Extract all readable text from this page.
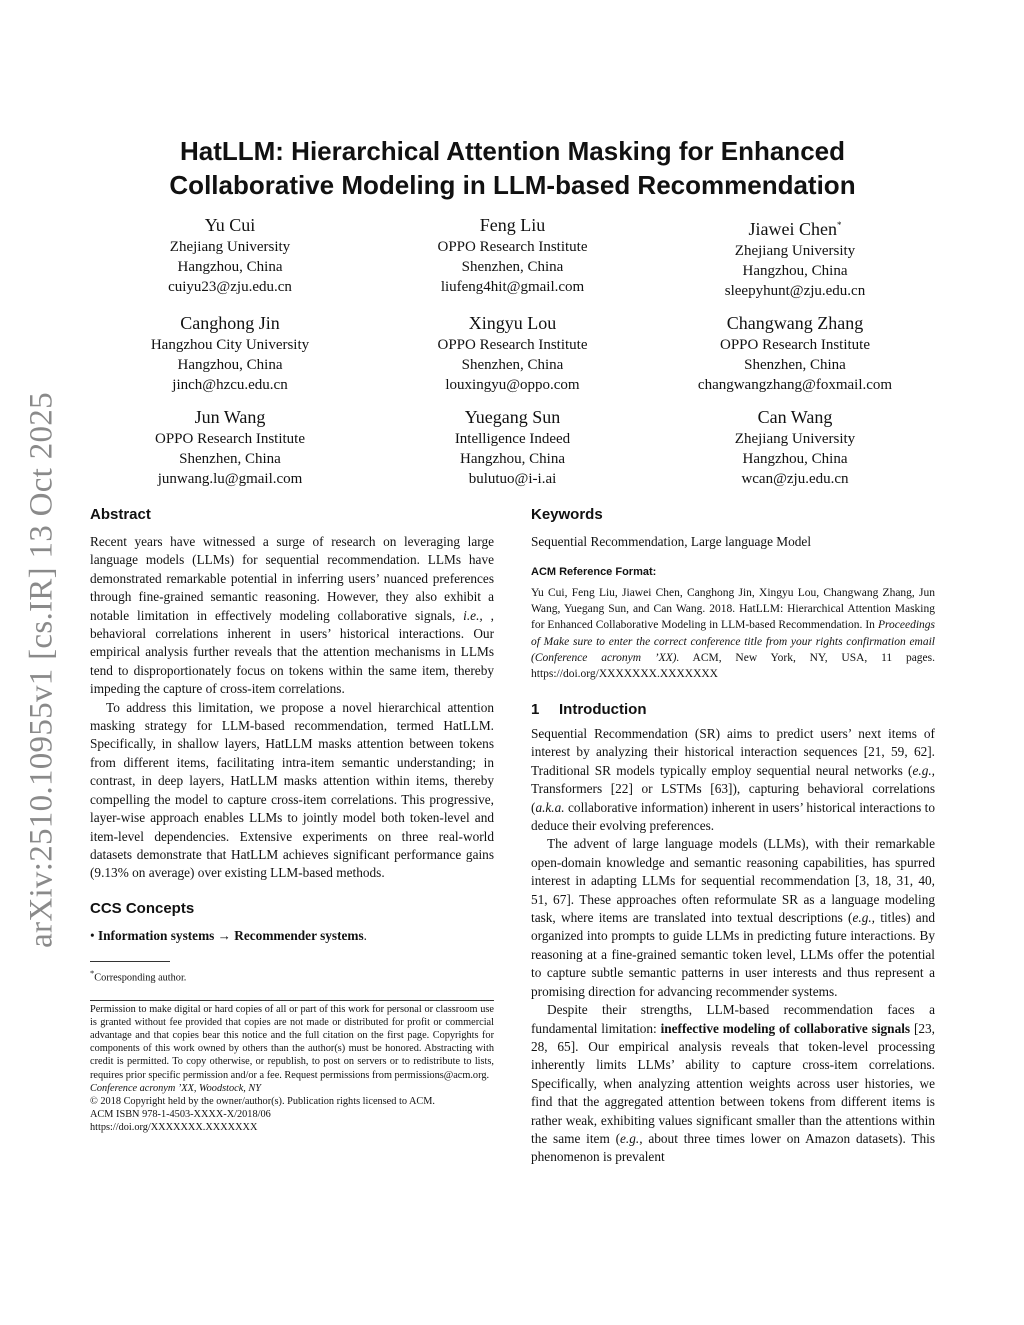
arXiv:2510.10955v1 [cs.IR] 13 Oct 2025
HatLLM: Hierarchical Attention Masking for Enhanced
Collaborative Modeling in LLM-based Recommendation
Yu Cui
Zhejiang University
Hangzhou, China
cuiyu23@zju.edu.cn
Feng Liu
OPPO Research Institute
Shenzhen, China
liufeng4hit@gmail.com
Jiawei Chen*
Zhejiang University
Hangzhou, China
sleepyhunt@zju.edu.cn
Canghong Jin
Hangzhou City University
Hangzhou, China
jinch@hzcu.edu.cn
Xingyu Lou
OPPO Research Institute
Shenzhen, China
louxingyu@oppo.com
Changwang Zhang
OPPO Research Institute
Shenzhen, China
changwangzhang@foxmail.com
Jun Wang
OPPO Research Institute
Shenzhen, China
junwang.lu@gmail.com
Yuegang Sun
Intelligence Indeed
Hangzhou, China
bulutuo@i-i.ai
Can Wang
Zhejiang University
Hangzhou, China
wcan@zju.edu.cn
Abstract

Recent years have witnessed a surge of research on leveraging large language models (LLMs) for sequential recommendation. LLMs have demonstrated remarkable potential in inferring users’ nuanced preferences through fine-grained semantic reasoning. However, they also exhibit a notable limitation in effectively modeling collaborative signals, i.e., , behavioral correlations inherent in users’ historical interactions. Our empirical analysis further reveals that the attention mechanisms in LLMs tend to disproportionately focus on tokens within the same item, thereby impeding the capture of cross-item correlations.

To address this limitation, we propose a novel hierarchical attention masking strategy for LLM-based recommendation, termed HatLLM. Specifically, in shallow layers, HatLLM masks attention between tokens from different items, facilitating intra-item semantic understanding; in contrast, in deep layers, HatLLM masks attention within items, thereby compelling the model to capture cross-item correlations. This progressive, layer-wise approach enables LLMs to jointly model both token-level and item-level dependencies. Extensive experiments on three real-world datasets demonstrate that HatLLM achieves significant performance gains (9.13% on average) over existing LLM-based methods.

CCS Concepts

• Information systems → Recommender systems.

*Corresponding author.
Permission to make digital or hard copies of all or part of this work for personal or classroom use is granted without fee provided that copies are not made or distributed for profit or commercial advantage and that copies bear this notice and the full citation on the first page. Copyrights for components of this work owned by others than the author(s) must be honored. Abstracting with credit is permitted. To copy otherwise, or republish, to post on servers or to redistribute to lists, requires prior specific permission and/or a fee. Request permissions from permissions@acm.org.
Conference acronym ’XX, Woodstock, NY
© 2018 Copyright held by the owner/author(s). Publication rights licensed to ACM.
ACM ISBN 978-1-4503-XXXX-X/2018/06
https://doi.org/XXXXXXX.XXXXXXX
Keywords
Sequential Recommendation, Large language Model
ACM Reference Format:
Yu Cui, Feng Liu, Jiawei Chen, Canghong Jin, Xingyu Lou, Changwang Zhang, Jun Wang, Yuegang Sun, and Can Wang. 2018. HatLLM: Hierarchical Attention Masking for Enhanced Collaborative Modeling in LLM-based Recommendation. In Proceedings of Make sure to enter the correct conference title from your rights confirmation email (Conference acronym ’XX). ACM, New York, NY, USA, 11 pages. https://doi.org/XXXXXXX.XXXXXXX
1 Introduction

Sequential Recommendation (SR) aims to predict users’ next items of interest by analyzing their historical interaction sequences [21, 59, 62]. Traditional SR models typically employ sequential neural networks (e.g., Transformers [22] or LSTMs [63]), capturing behavioral correlations (a.k.a. collaborative information) inherent in users’ historical interactions to deduce their evolving preferences.

The advent of large language models (LLMs), with their remarkable open-domain knowledge and semantic reasoning capabilities, has spurred interest in adapting LLMs for sequential recommendation [3, 18, 31, 40, 51, 67]. These approaches often reformulate SR as a language modeling task, where items are translated into textual descriptions (e.g., titles) and organized into prompts to guide LLMs in predicting future interactions. By reasoning at a fine-grained semantic token level, LLMs offer the potential to capture subtle semantic patterns in user interests and thus represent a promising direction for advancing recommender systems.

Despite their strengths, LLM-based recommendation faces a fundamental limitation: ineffective modeling of collaborative signals [23, 28, 65]. Our empirical analysis reveals that token-level processing inherently limits LLMs’ ability to capture cross-item correlations. Specifically, when analyzing attention weights across user histories, we find that the aggregated attention between tokens from different items is rather weak, exhibiting values significant smaller than the attentions within the same item (e.g., about three times lower on Amazon datasets). This phenomenon is prevalent
